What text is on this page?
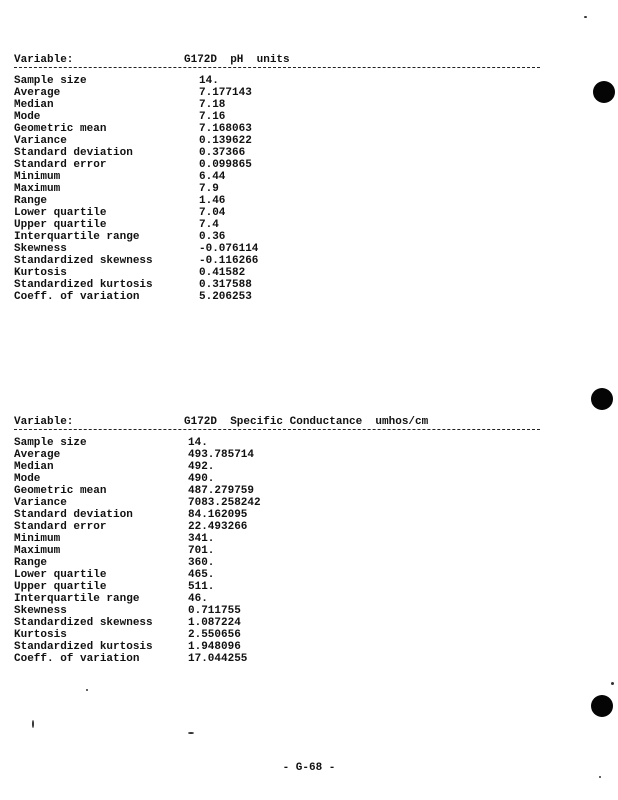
Variable:	G172D  pH  units
Sample size	14.
Average	7.177143
Median	7.18
Mode	7.16
Geometric mean	7.168063
Variance	0.139622
Standard deviation	0.37366
Standard error	0.099865
Minimum	6.44
Maximum	7.9
Range	1.46
Lower quartile	7.04
Upper quartile	7.4
Interquartile range	0.36
Skewness	-0.076114
Standardized skewness	-0.116266
Kurtosis	0.41582
Standardized kurtosis	0.317588
Coeff. of variation	5.206253
Variable:	G172D  Specific Conductance  umhos/cm
Sample size	14.
Average	493.785714
Median	492.
Mode	490.
Geometric mean	487.279759
Variance	7083.258242
Standard deviation	84.162095
Standard error	22.493266
Minimum	341.
Maximum	701.
Range	360.
Lower quartile	465.
Upper quartile	511.
Interquartile range	46.
Skewness	0.711755
Standardized skewness	1.087224
Kurtosis	2.550656
Standardized kurtosis	1.948096
Coeff. of variation	17.044255
- G-68 -
